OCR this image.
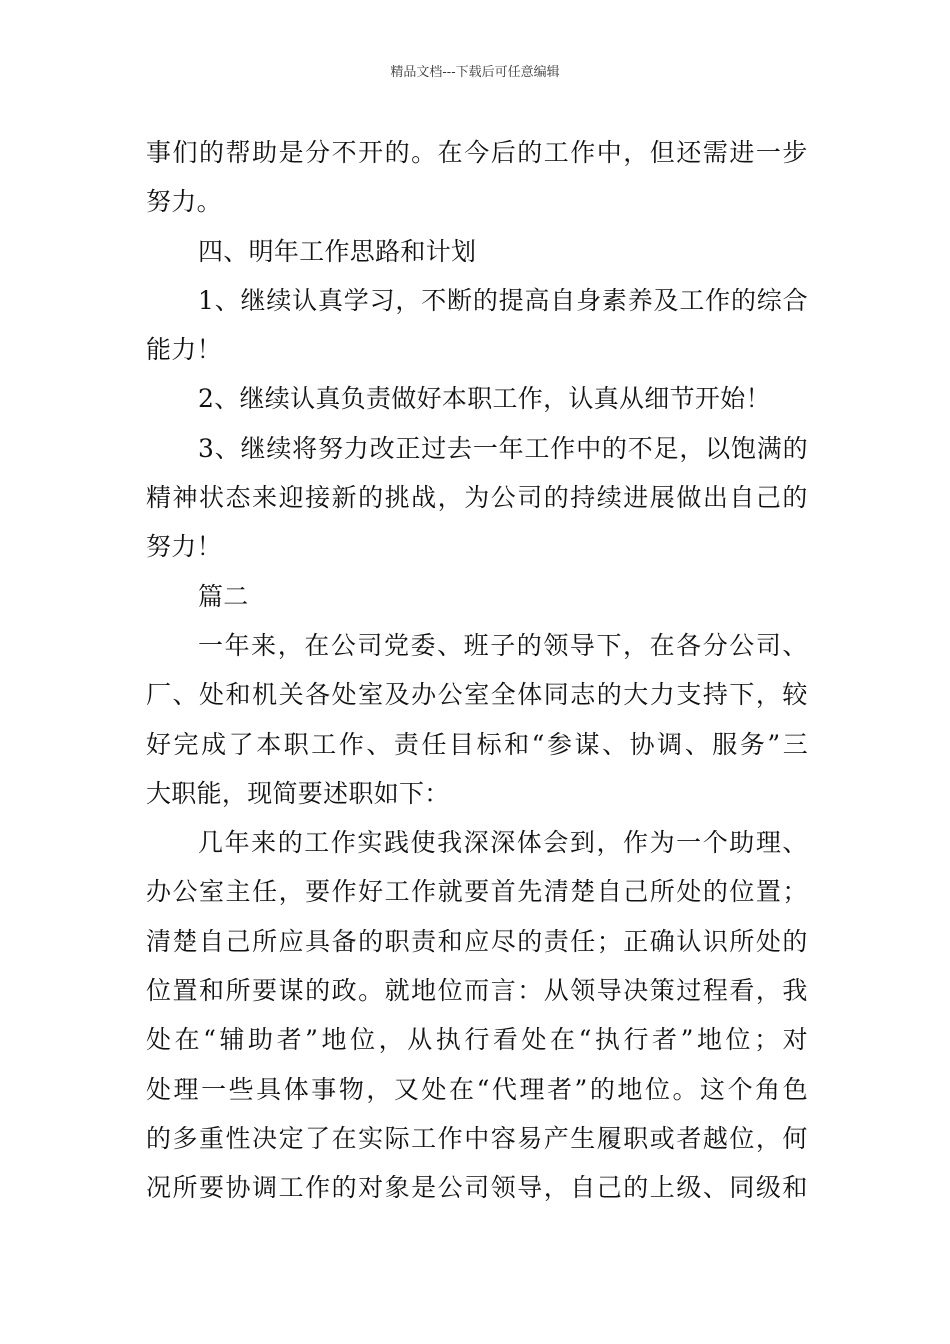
精品文档---下载后可任意编辑
事 们 的 帮 助 是 分 不 开 的 。 在 今 后 的 工 作 中 ， 但 还 需 进 一 步
努力。
四、明年工作思路和计划
1 、 继 续 认 真 学 习 ， 不 断 的 提 高 自 身 素 养 及 工 作 的 综 合
能力！
2、继续认真负责做好本职工作，认真从细节开始！
3 、 继 续 将 努 力 改 正 过 去 一 年 工 作 中 的 不 足 ， 以 饱 满 的
精 神 状 态 来 迎 接 新 的 挑 战 ， 为 公 司 的 持 续 进 展 做 出 自 己 的
努力！
篇二
一 年 来 ， 在 公 司 党 委 、 班 子 的 领 导 下 ， 在 各 分 公 司 、
厂 、 处 和 机 关 各 处 室 及 办 公 室 全 体 同 志 的 大 力 支 持 下 ， 较
好 完 成 了 本 职 工 作 、 责 任 目 标 和 “ 参 谋 、 协 调 、 服 务 ” 三
大职能，现简要述职如下：
几 年 来 的 工 作 实 践 使 我 深 深 体 会 到 ， 作 为 一 个 助 理 、
办 公 室 主 任 ， 要 作 好 工 作 就 要 首 先 清 楚 自 己 所 处 的 位 置 ；
清 楚 自 己 所 应 具 备 的 职 责 和 应 尽 的 责 任 ； 正 确 认 识 所 处 的
位 置 和 所 要 谋 的 政 。 就 地 位 而 言 ： 从 领 导 决 策 过 程 看 ， 我
处 在 “ 辅 助 者 ” 地 位 ， 从 执 行 看 处 在 “ 执 行 者 ” 地 位 ； 对
处 理 一 些 具 体 事 物 ， 又 处 在 “ 代 理 者 ” 的 地 位 。 这 个 角 色
的 多 重 性 决 定 了 在 实 际 工 作 中 容 易 产 生 履 职 或 者 越 位 ， 何
况 所 要 协 调 工 作 的 对 象 是 公 司 领 导 ， 自 己 的 上 级 、 同 级 和
